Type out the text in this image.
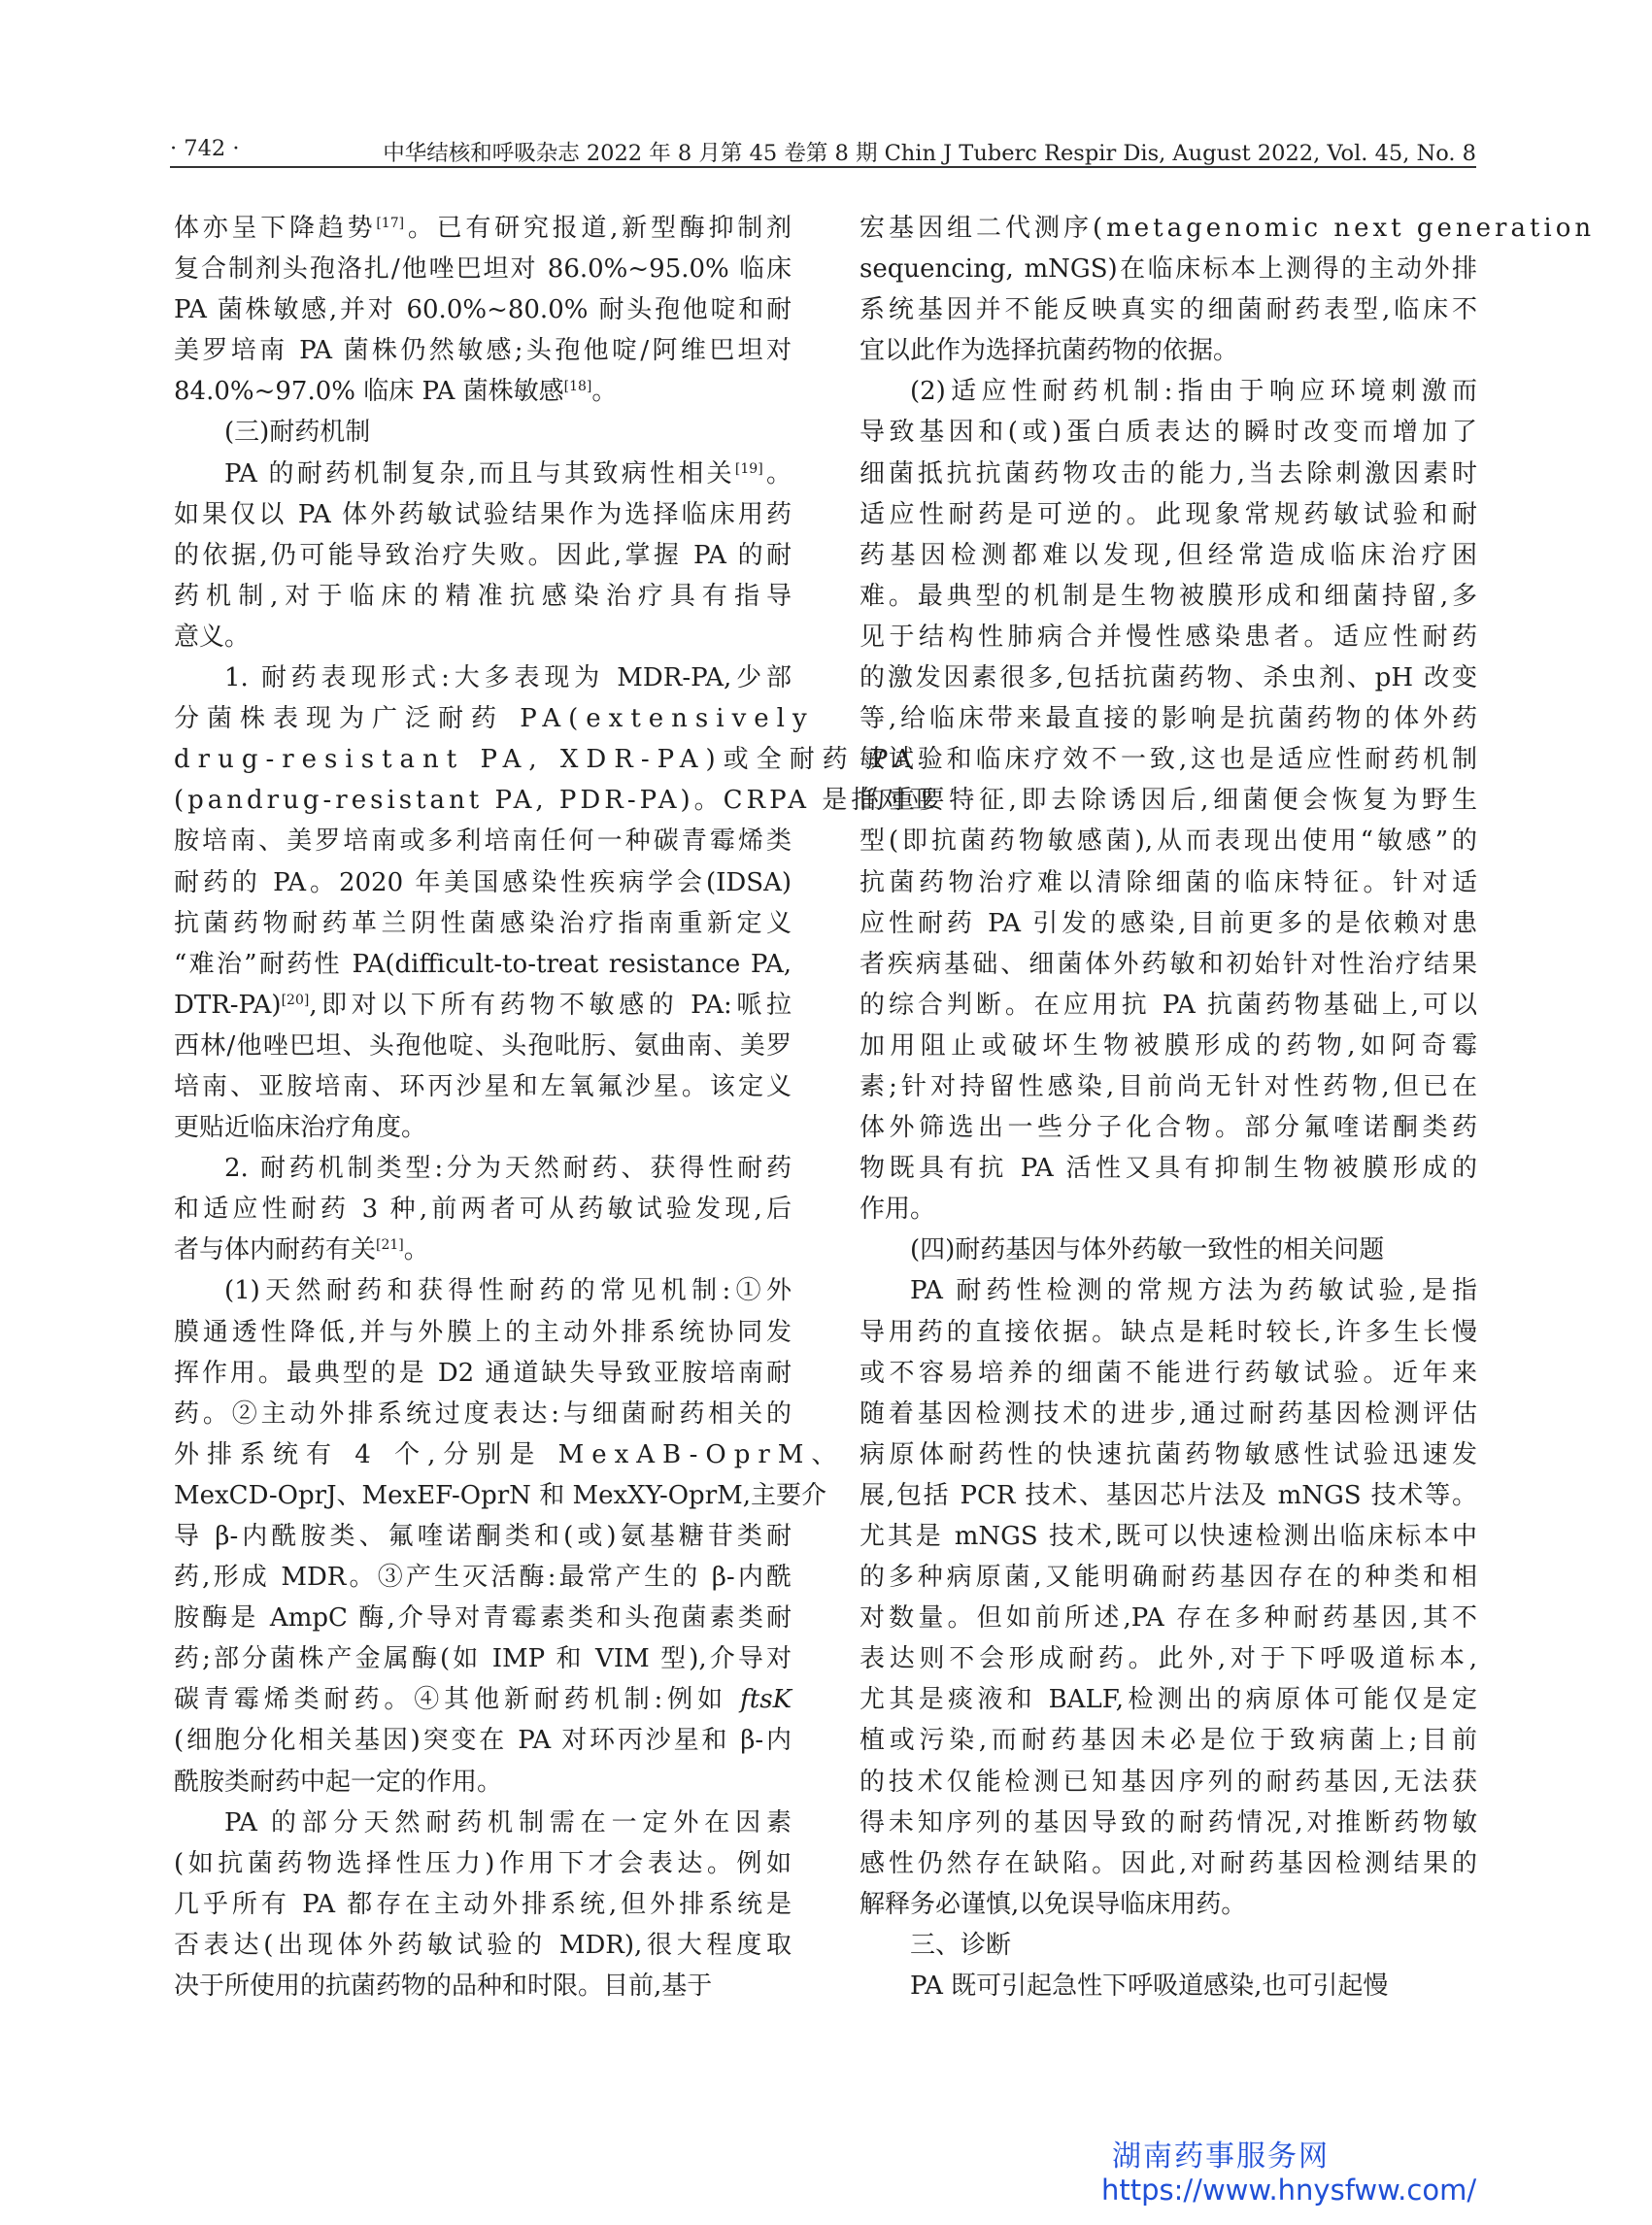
· 742 ·	中华结核和呼吸杂志 2022 年 8 月第 45 卷第 8 期 Chin J Tuberc Respir Dis, August 2022, Vol. 45, No. 8
体亦呈下降趋势[17]。已有研究报道,新型酶抑制剂
复合制剂头孢洛扎/他唑巴坦对 86.0%~95.0% 临床
PA 菌株敏感,并对 60.0%~80.0% 耐头孢他啶和耐
美罗培南 PA 菌株仍然敏感;头孢他啶/阿维巴坦对
84.0%~97.0% 临床 PA 菌株敏感[18]。
(三)耐药机制
PA 的耐药机制复杂,而且与其致病性相关[19]。
如果仅以 PA 体外药敏试验结果作为选择临床用药
的依据,仍可能导致治疗失败。因此,掌握 PA 的耐
药机制,对于临床的精准抗感染治疗具有指导
意义。
1. 耐药表现形式:大多表现为 MDR-PA,少部
分菌株表现为广泛耐药 PA(extensively
drug-resistant PA, XDR-PA)或全耐药 PA
(pandrug-resistant PA, PDR-PA)。CRPA 是指对亚
胺培南、美罗培南或多利培南任何一种碳青霉烯类
耐药的 PA。2020 年美国感染性疾病学会(IDSA)
抗菌药物耐药革兰阴性菌感染治疗指南重新定义
“难治”耐药性 PA(difficult-to-treat resistance PA,
DTR-PA)[20],即对以下所有药物不敏感的 PA:哌拉
西林/他唑巴坦、头孢他啶、头孢吡肟、氨曲南、美罗
培南、亚胺培南、环丙沙星和左氧氟沙星。该定义
更贴近临床治疗角度。
2. 耐药机制类型:分为天然耐药、获得性耐药
和适应性耐药 3 种,前两者可从药敏试验发现,后
者与体内耐药有关[21]。
(1)天然耐药和获得性耐药的常见机制:①外
膜通透性降低,并与外膜上的主动外排系统协同发
挥作用。最典型的是 D2 通道缺失导致亚胺培南耐
药。②主动外排系统过度表达:与细菌耐药相关的
外排系统有 4 个,分别是 MexAB-OprM、
MexCD-OprJ、MexEF-OprN 和 MexXY-OprM,主要介
导 β-内酰胺类、氟喹诺酮类和(或)氨基糖苷类耐
药,形成 MDR。③产生灭活酶:最常产生的 β-内酰
胺酶是 AmpC 酶,介导对青霉素类和头孢菌素类耐
药;部分菌株产金属酶(如 IMP 和 VIM 型),介导对
碳青霉烯类耐药。④其他新耐药机制:例如 ftsK
(细胞分化相关基因)突变在 PA 对环丙沙星和 β-内
酰胺类耐药中起一定的作用。
PA 的部分天然耐药机制需在一定外在因素
(如抗菌药物选择性压力)作用下才会表达。例如
几乎所有 PA 都存在主动外排系统,但外排系统是
否表达(出现体外药敏试验的 MDR),很大程度取
决于所使用的抗菌药物的品种和时限。目前,基于
宏基因组二代测序(metagenomic next generation
sequencing, mNGS)在临床标本上测得的主动外排
系统基因并不能反映真实的细菌耐药表型,临床不
宜以此作为选择抗菌药物的依据。
(2)适应性耐药机制:指由于响应环境刺激而
导致基因和(或)蛋白质表达的瞬时改变而增加了
细菌抵抗抗菌药物攻击的能力,当去除刺激因素时
适应性耐药是可逆的。此现象常规药敏试验和耐
药基因检测都难以发现,但经常造成临床治疗困
难。最典型的机制是生物被膜形成和细菌持留,多
见于结构性肺病合并慢性感染患者。适应性耐药
的激发因素很多,包括抗菌药物、杀虫剂、pH 改变
等,给临床带来最直接的影响是抗菌药物的体外药
敏试验和临床疗效不一致,这也是适应性耐药机制
的重要特征,即去除诱因后,细菌便会恢复为野生
型(即抗菌药物敏感菌),从而表现出使用“敏感”的
抗菌药物治疗难以清除细菌的临床特征。针对适
应性耐药 PA 引发的感染,目前更多的是依赖对患
者疾病基础、细菌体外药敏和初始针对性治疗结果
的综合判断。在应用抗 PA 抗菌药物基础上,可以
加用阻止或破坏生物被膜形成的药物,如阿奇霉
素;针对持留性感染,目前尚无针对性药物,但已在
体外筛选出一些分子化合物。部分氟喹诺酮类药
物既具有抗 PA 活性又具有抑制生物被膜形成的
作用。
(四)耐药基因与体外药敏一致性的相关问题
PA 耐药性检测的常规方法为药敏试验,是指
导用药的直接依据。缺点是耗时较长,许多生长慢
或不容易培养的细菌不能进行药敏试验。近年来
随着基因检测技术的进步,通过耐药基因检测评估
病原体耐药性的快速抗菌药物敏感性试验迅速发
展,包括 PCR 技术、基因芯片法及 mNGS 技术等。
尤其是 mNGS 技术,既可以快速检测出临床标本中
的多种病原菌,又能明确耐药基因存在的种类和相
对数量。但如前所述,PA 存在多种耐药基因,其不
表达则不会形成耐药。此外,对于下呼吸道标本,
尤其是痰液和 BALF,检测出的病原体可能仅是定
植或污染,而耐药基因未必是位于致病菌上;目前
的技术仅能检测已知基因序列的耐药基因,无法获
得未知序列的基因导致的耐药情况,对推断药物敏
感性仍然存在缺陷。因此,对耐药基因检测结果的
解释务必谨慎,以免误导临床用药。
三、诊断
PA 既可引起急性下呼吸道感染,也可引起慢
湖南药事服务网
https://www.hnysfww.com/
